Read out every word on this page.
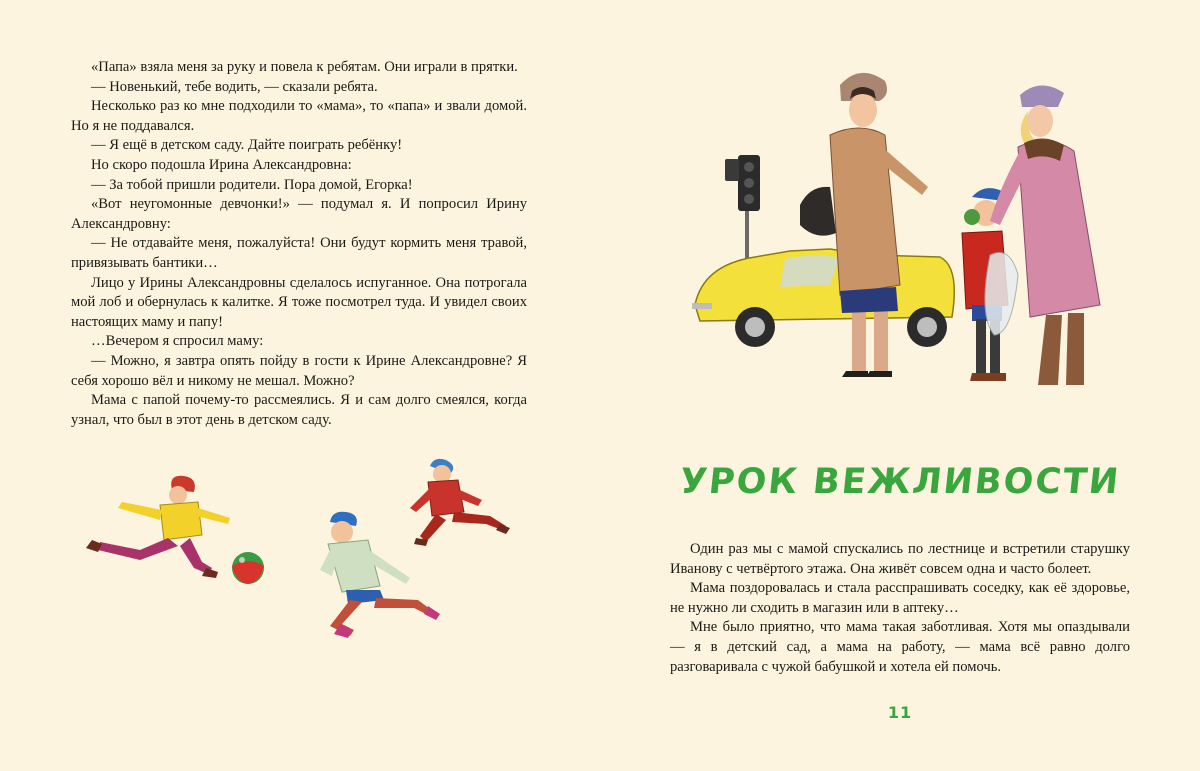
«Папа» взяла меня за руку и повела к ребятам. Они играли в прятки.

— Новенький, тебе водить, — сказали ребята.

Несколько раз ко мне подходили то «мама», то «папа» и звали домой. Но я не поддавался.

— Я ещё в детском саду. Дайте поиграть ребёнку!

Но скоро подошла Ирина Александровна:

— За тобой пришли родители. Пора домой, Егорка!

«Вот неугомонные девчонки!» — подумал я. И попросил Ирину Александровну:

— Не отдавайте меня, пожалуйста! Они будут кормить меня травой, привязывать бантики…

Лицо у Ирины Александровны сделалось испуганное. Она потрогала мой лоб и обернулась к калитке. Я тоже посмотрел туда. И увидел своих настоящих маму и папу!

…Вечером я спросил маму:

— Можно, я завтра опять пойду в гости к Ирине Александровне? Я себя хорошо вёл и никому не мешал. Можно?

Мама с папой почему-то рассмеялись. Я и сам долго смеялся, когда узнал, что был в этот день в детском саду.

УРОК ВЕЖЛИВОСТИ

Один раз мы с мамой спускались по лестнице и встретили старушку Иванову с четвёртого этажа. Она живёт совсем одна и часто болеет.

Мама поздоровалась и стала расспрашивать соседку, как её здоровье, не нужно ли сходить в магазин или в аптеку…

Мне было приятно, что мама такая заботливая. Хотя мы опаздывали — я в детский сад, а мама на работу, — мама всё равно долго разговаривала с чужой бабушкой и хотела ей помочь.

11
